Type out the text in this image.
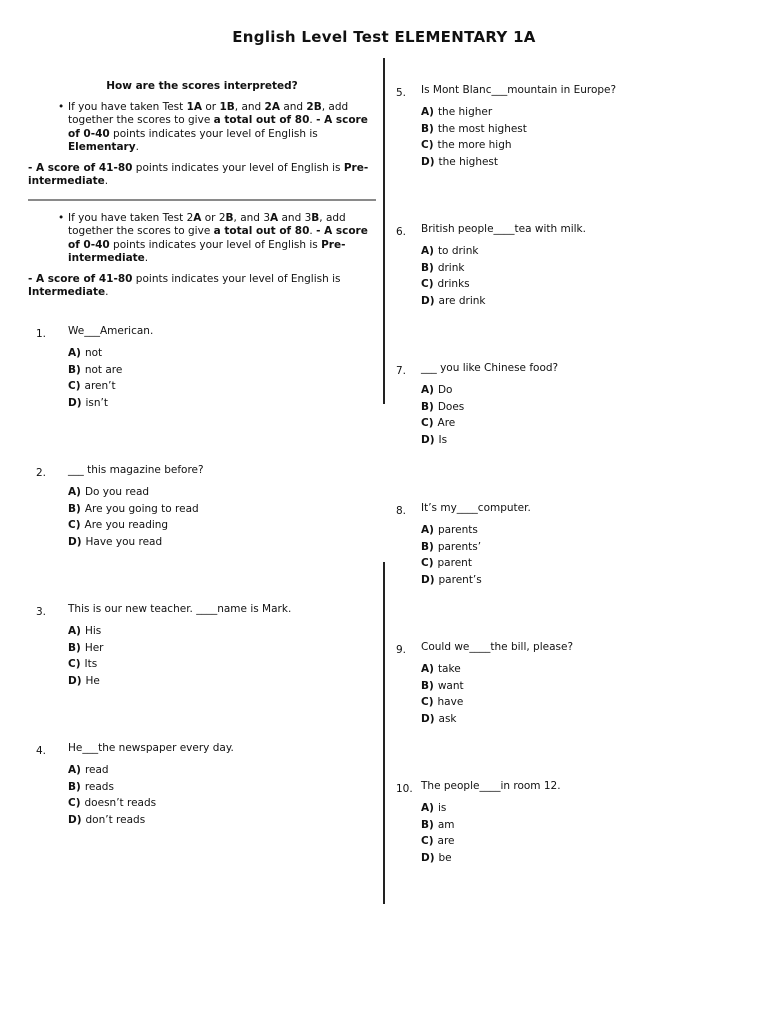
English Level Test ELEMENTARY 1A
How are the scores interpreted?
• If you have taken Test 1A or 1B, and 2A and 2B, add together the scores to give a total out of 80. - A score of 0-40 points indicates your level of English is Elementary.
- A score of 41-80 points indicates your level of English is Pre-intermediate.
• If you have taken Test 2A or 2B, and 3A and 3B, add together the scores to give a total out of 80. - A score of 0-40 points indicates your level of English is Pre-intermediate.
- A score of 41-80 points indicates your level of English is Intermediate.
1. We___American.
A) not
B) not are
C) aren’t
D) isn’t
2. ___ this magazine before?
A) Do you read
B) Are you going to read
C) Are you reading
D) Have you read
3. This is our new teacher. ____name is Mark.
A) His
B) Her
C) Its
D) He
4. He___the newspaper every day.
A) read
B) reads
C) doesn’t reads
D) don’t reads
5. Is Mont Blanc___mountain in Europe?
A) the higher
B) the most highest
C) the more high
D) the highest
6. British people____tea with milk.
A) to drink
B) drink
C) drinks
D) are drink
7. ___ you like Chinese food?
A) Do
B) Does
C) Are
D) Is
8. It’s my____computer.
A) parents
B) parents’
C) parent
D) parent’s
9. Could we____the bill, please?
A) take
B) want
C) have
D) ask
10. The people____in room 12.
A) is
B) am
C) are
D) be
